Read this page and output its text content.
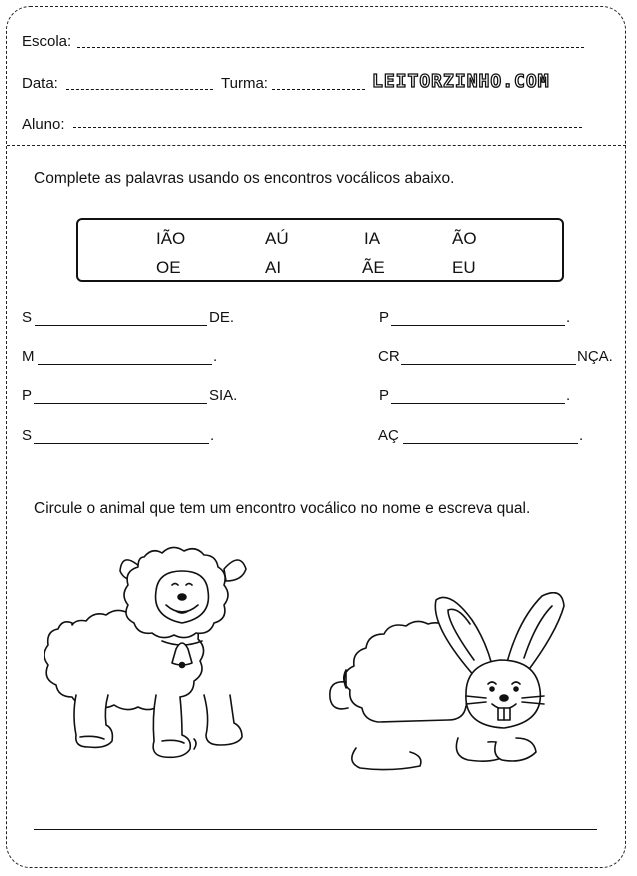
Escola:
Data:	Turma:	LEITORZINHO.COM
Aluno:
Complete as palavras usando os encontros vocálicos abaixo.
IÃO	AÚ	IA	ÃO
OE	AI	ÃE	EU
S	DE.
M	.
P	SIA.
S	.
P	.
CR	NÇA.
P	.
AÇ	.
Circule o animal que tem um encontro vocálico no nome e escreva qual.
